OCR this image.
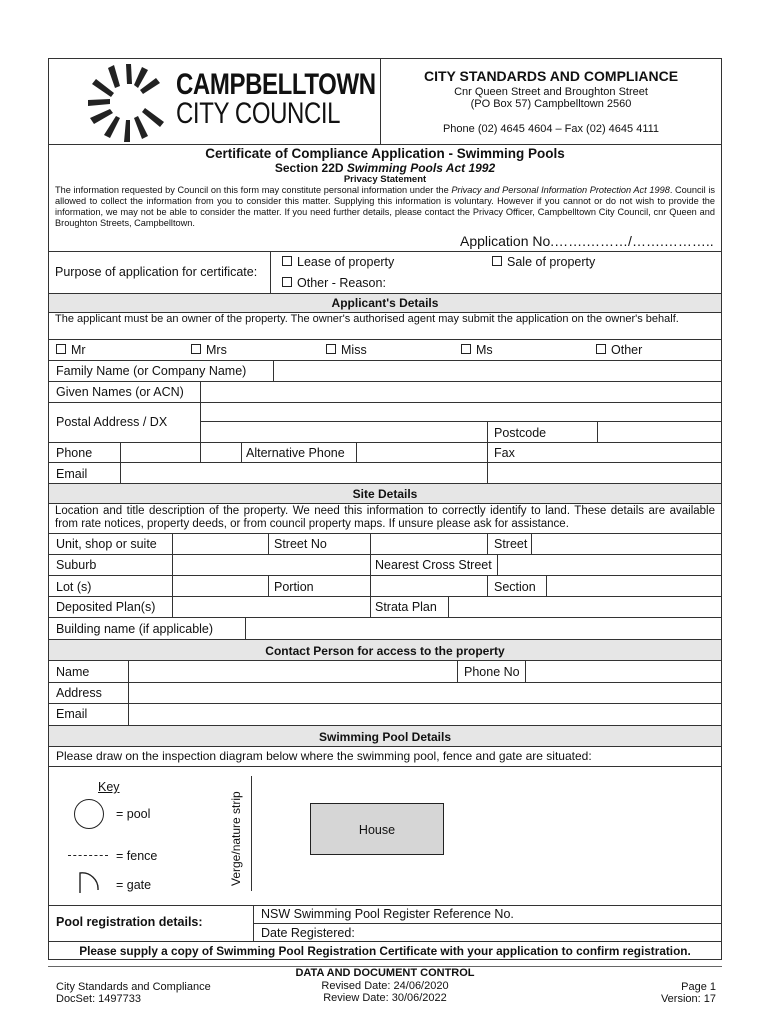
CAMPBELLTOWN
CITY COUNCIL
CITY STANDARDS AND COMPLIANCE
Cnr Queen Street and Broughton Street
(PO Box 57) Campbelltown 2560
Phone (02) 4645 4604 – Fax (02) 4645 4111
Certificate of Compliance Application - Swimming Pools
Section 22D Swimming Pools Act 1992
Privacy Statement
The information requested by Council on this form may constitute personal information under the Privacy and Personal Information Protection Act 1998. Council is allowed to collect the information from you to consider this matter. Supplying this information is voluntary. However if you cannot or do not wish to provide the information, we may not be able to consider the matter. If you need further details, please contact the Privacy Officer, Campbelltown City Council, cnr Queen and Broughton Streets, Campbelltown.
Application No.…….………/…….………..
Purpose of application for certificate:
Lease of property	Sale of property
Other - Reason:
Applicant's Details
The applicant must be an owner of the property. The owner's authorised agent may submit the application on the owner's behalf.
Mr	Mrs	Miss	Ms	Other
Family Name (or Company Name)
Given Names (or ACN)
Postal Address / DX
Postcode
Phone	Alternative Phone	Fax
Email
Site Details
Location and title description of the property. We need this information to correctly identify to land. These details are available from rate notices, property deeds, or from council property maps. If unsure please ask for assistance.
Unit, shop or suite	Street No	Street
Suburb	Nearest Cross Street
Lot (s)	Portion	Section
Deposited Plan(s)	Strata Plan
Building name (if applicable)
Contact Person for access to the property
Name	Phone No
Address
Email
Swimming Pool Details
Please draw on the inspection diagram below where the swimming pool, fence and gate are situated:
Key
= pool
= fence
= gate	Verge/nature strip	House
Pool registration details:
NSW Swimming Pool Register Reference No.
Date Registered:
Please supply a copy of Swimming Pool Registration Certificate with your application to confirm registration.
City Standards and Compliance
DocSet: 1497733
DATA AND DOCUMENT CONTROL
Revised Date: 24/06/2020
Review Date: 30/06/2022
Page 1
Version: 17
